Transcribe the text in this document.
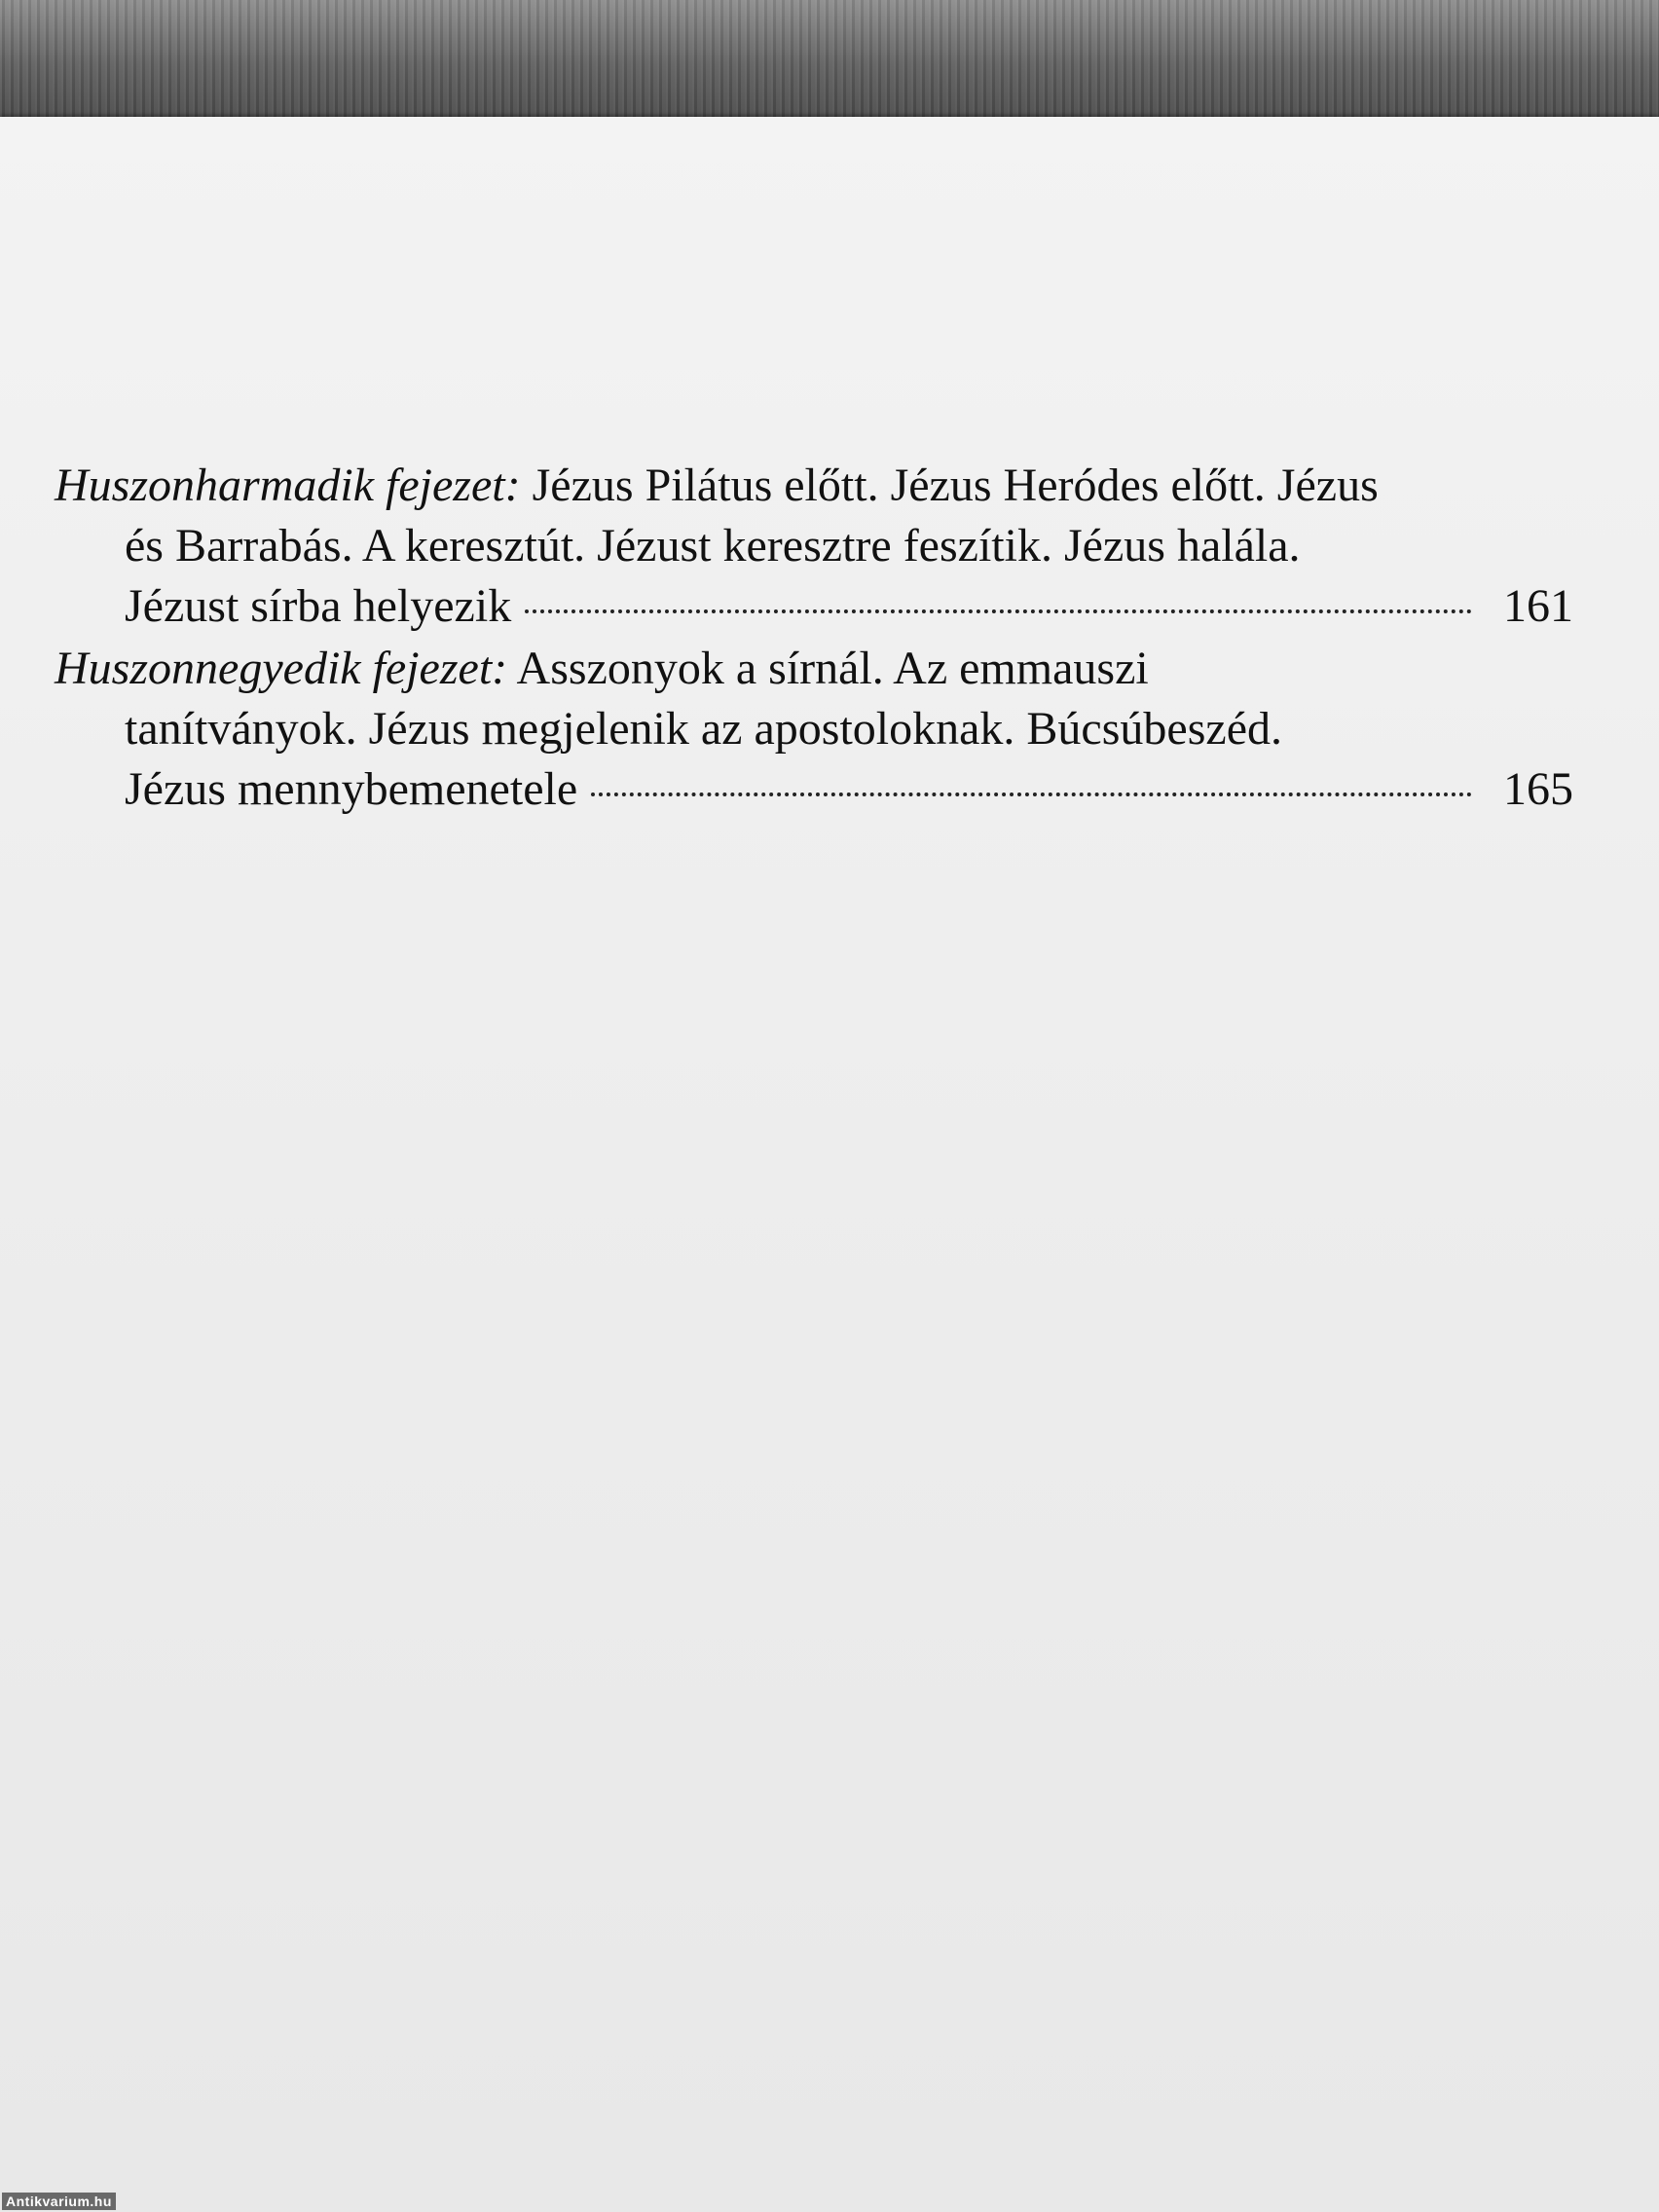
Huszonharmadik fejezet: Jézus Pilátus előtt. Jézus Heródes előtt. Jézus
és Barrabás. A keresztút. Jézust keresztre feszítik. Jézus halála.
Jézust sírba helyezik	161

Huszonnegyedik fejezet: Asszonyok a sírnál. Az emmauszi
tanítványok. Jézus megjelenik az apostoloknak. Búcsúbeszéd.
Jézus mennybemenetele	165

Antikvarium.hu
